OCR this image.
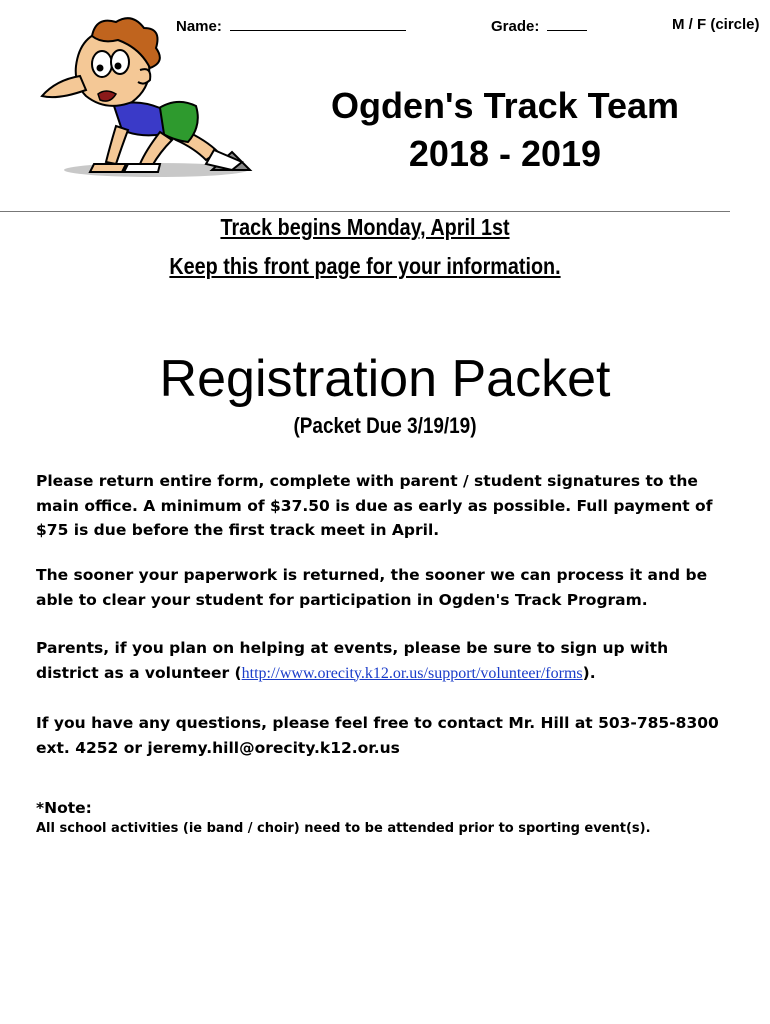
Name:	Grade:	M / F (circle)
Ogden's Track Team
2018 - 2019
Track begins Monday, April 1st
Keep this front page for your information.
Registration Packet
(Packet Due 3/19/19)

Please return entire form, complete with parent / student signatures to the main office. A minimum of $37.50 is due as early as possible. Full payment of $75 is due before the first track meet in April.

The sooner your paperwork is returned, the sooner we can process it and be able to clear your student for participation in Ogden's Track Program.

Parents, if you plan on helping at events, please be sure to sign up with district as a volunteer (http://www.orecity.k12.or.us/support/volunteer/forms).

If you have any questions, please feel free to contact Mr. Hill at 503-785-8300 ext. 4252 or jeremy.hill@orecity.k12.or.us

*Note:
All school activities (ie band / choir) need to be attended prior to sporting event(s).
